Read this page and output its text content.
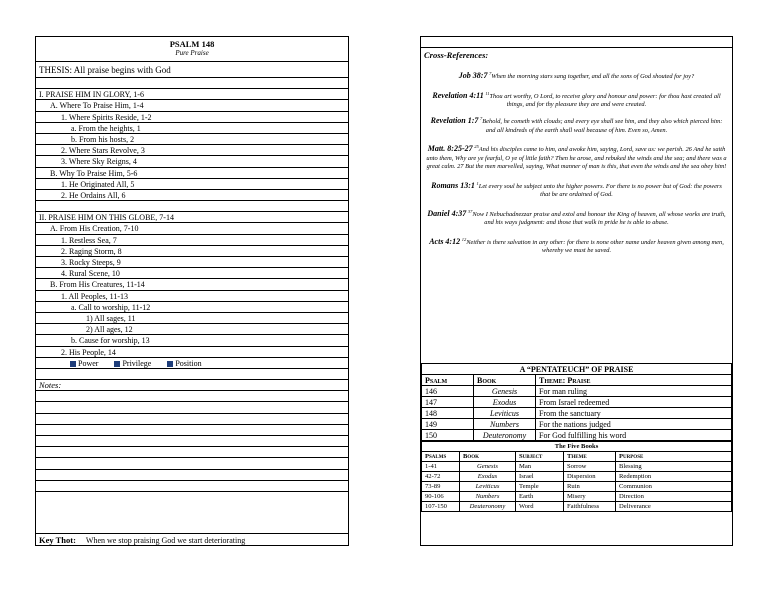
PSALM 148
Pure Praise
THESIS: All praise begins with God
I. PRAISE HIM IN GLORY, 1-6
A. Where To Praise Him, 1-4
1. Where Spirits Reside, 1-2
a. From the heights, 1
b. From his hosts, 2
2. Where Stars Revolve, 3
3. Where Sky Reigns, 4
B. Why To Praise Him, 5-6
1. He Originated All, 5
2. He Ordains All, 6
II. PRAISE HIM ON THIS GLOBE, 7-14
A. From His Creation, 7-10
1. Restless Sea, 7
2. Raging Storm, 8
3. Rocky Steeps, 9
4. Rural Scene, 10
B. From His Creatures, 11-14
1. All Peoples, 11-13
a. Call to worship, 11-12
1) All sages, 11
2) All ages, 12
b. Cause for worship, 13
2. His People, 14
Power	Privilege	Position
Notes:
Key Thot: When we stop praising God we start deteriorating
Cross-References:

Job 38:7 $^7$When the morning stars sang together, and all the sons of God shouted for joy?

Revelation 4:11 $^{11}$Thou art worthy, O Lord, to receive glory and honour and power: for thou hast created all things, and for thy pleasure they are and were created.

Revelation 1:7 $^7$Behold, he cometh with clouds; and every eye shall see him, and they also which pierced him: and all kindreds of the earth shall wail because of him. Even so, Amen.

Matt. 8:25-27 $^{25}$And his disciples came to him, and awoke him, saying, Lord, save us: we perish. 26 And he saith unto them, Why are ye fearful, O ye of little faith? Then he arose, and rebuked the winds and the sea; and there was a great calm. 27 But the men marvelled, saying, What manner of man is this, that even the winds and the sea obey him!

Romans 13:1 $^1$Let every soul be subject unto the higher powers. For there is no power but of God: the powers that be are ordained of God.

Daniel 4:37 $^{37}$Now I Nebuchadnezzar praise and extol and honour the King of heaven, all whose works are truth, and his ways judgment: and those that walk in pride he is able to abase.

Acts 4:12 $^{12}$Neither is there salvation in any other: for there is none other name under heaven given among men, whereby we must be saved.

A “PENTATEUCH” OF PRAISE		
Psalm	Book	Theme: Praise
146	Genesis	For man ruling
147	Exodus	From Israel redeemed
148	Leviticus	From the sanctuary
149	Numbers	For the nations judged
150	Deuteronomy	For God fulfilling his word
The Five Books				
Psalms	Book	Subject	Theme	Purpose
1-41	Genesis	Man	Sorrow	Blessing
42-72	Exodus	Israel	Dispersion	Redemption
73-89	Leviticus	Temple	Ruin	Communion
90-106	Numbers	Earth	Misery	Direction
107-150	Deuteronomy	Word	Faithfulness	Deliverance
